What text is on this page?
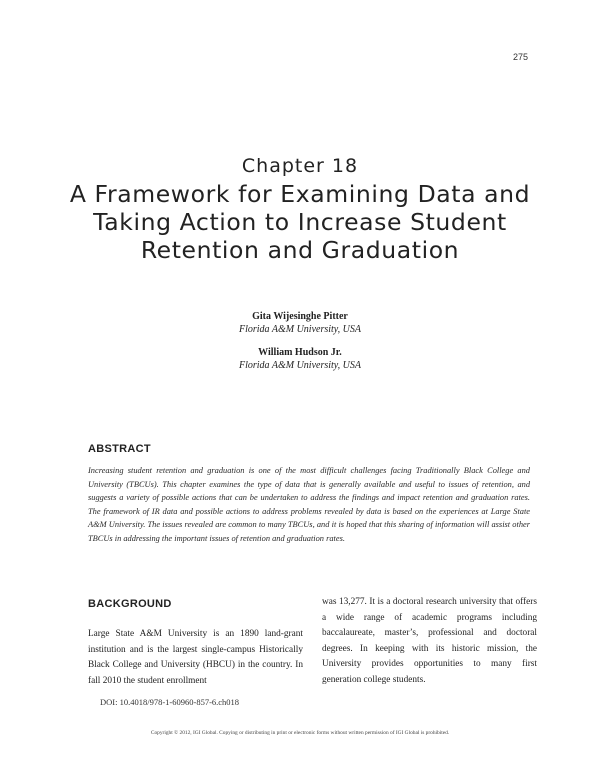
275
Chapter 18
A Framework for Examining Data and Taking Action to Increase Student Retention and Graduation
Gita Wijesinghe Pitter
Florida A&M University, USA
William Hudson Jr.
Florida A&M University, USA
ABSTRACT

Increasing student retention and graduation is one of the most difficult challenges facing Traditionally Black College and University (TBCUs). This chapter examines the type of data that is generally available and useful to issues of retention, and suggests a variety of possible actions that can be undertaken to address the findings and impact retention and graduation rates. The framework of IR data and possible actions to address problems revealed by data is based on the experiences at Large State A&M University. The issues revealed are common to many TBCUs, and it is hoped that this sharing of information will assist other TBCUs in addressing the important issues of retention and graduation rates.

BACKGROUND

Large State A&M University is an 1890 land-grant institution and is the largest single-campus Historically Black College and University (HBCU) in the country. In fall 2010 the student enrollment

was 13,277. It is a doctoral research university that offers a wide range of academic programs including baccalaureate, master’s, professional and doctoral degrees. In keeping with its historic mission, the University provides opportunities to many first generation college students.

DOI: 10.4018/978-1-60960-857-6.ch018
Copyright © 2012, IGI Global. Copying or distributing in print or electronic forms without written permission of IGI Global is prohibited.
